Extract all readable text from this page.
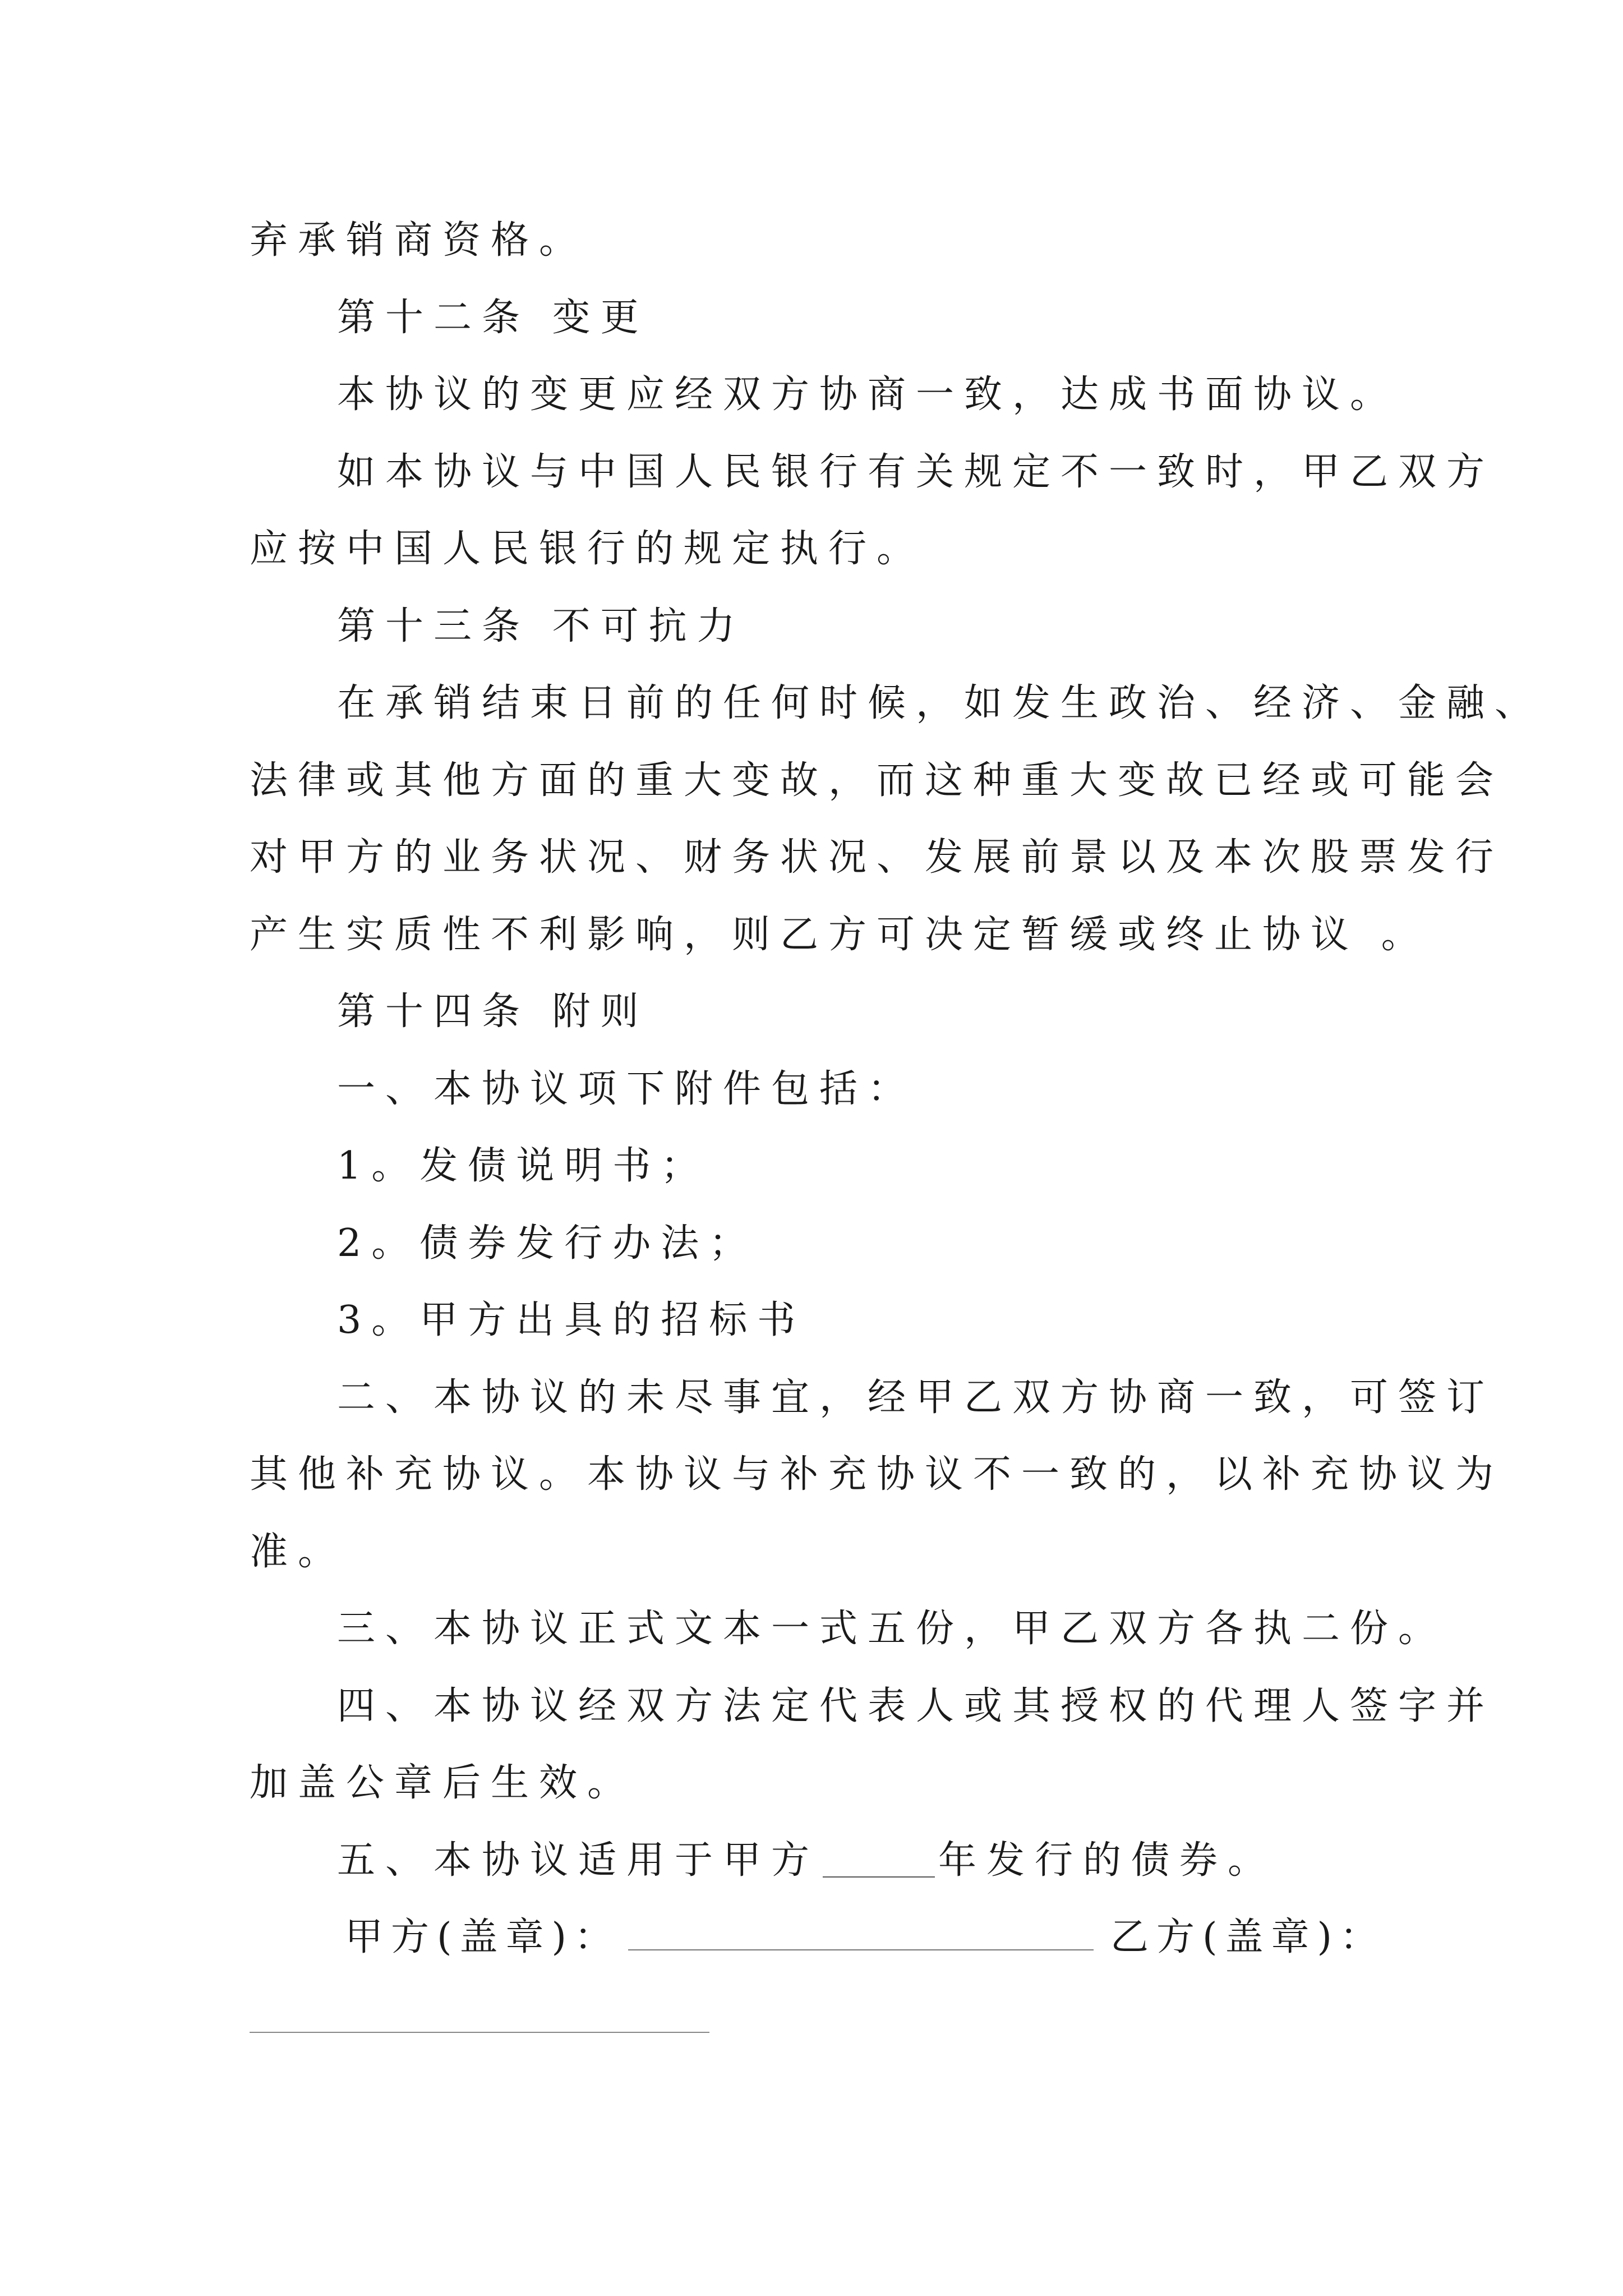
弃承销商资格。
第十二条 变更
本协议的变更应经双方协商一致，达成书面协议。
如本协议与中国人民银行有关规定不一致时，甲乙双方
应按中国人民银行的规定执行。
第十三条 不可抗力
在承销结束日前的任何时候，如发生政治、经济、金融、
法律或其他方面的重大变故，而这种重大变故已经或可能会
对甲方的业务状况、财务状况、发展前景以及本次股票发行
产生实质性不利影响，则乙方可决定暂缓或终止协议 。
第十四条 附则
一、本协议项下附件包括：
1。发债说明书；
2。债券发行办法；
3。甲方出具的招标书
二、本协议的未尽事宜，经甲乙双方协商一致，可签订
其他补充协议。本协议与补充协议不一致的，以补充协议为
准。
三、本协议正式文本一式五份，甲乙双方各执二份。
四、本协议经双方法定代表人或其授权的代理人签字并
加盖公章后生效。
五、本协议适用于甲方	年发行的债券。
甲方(盖章)：	乙方(盖章)：
